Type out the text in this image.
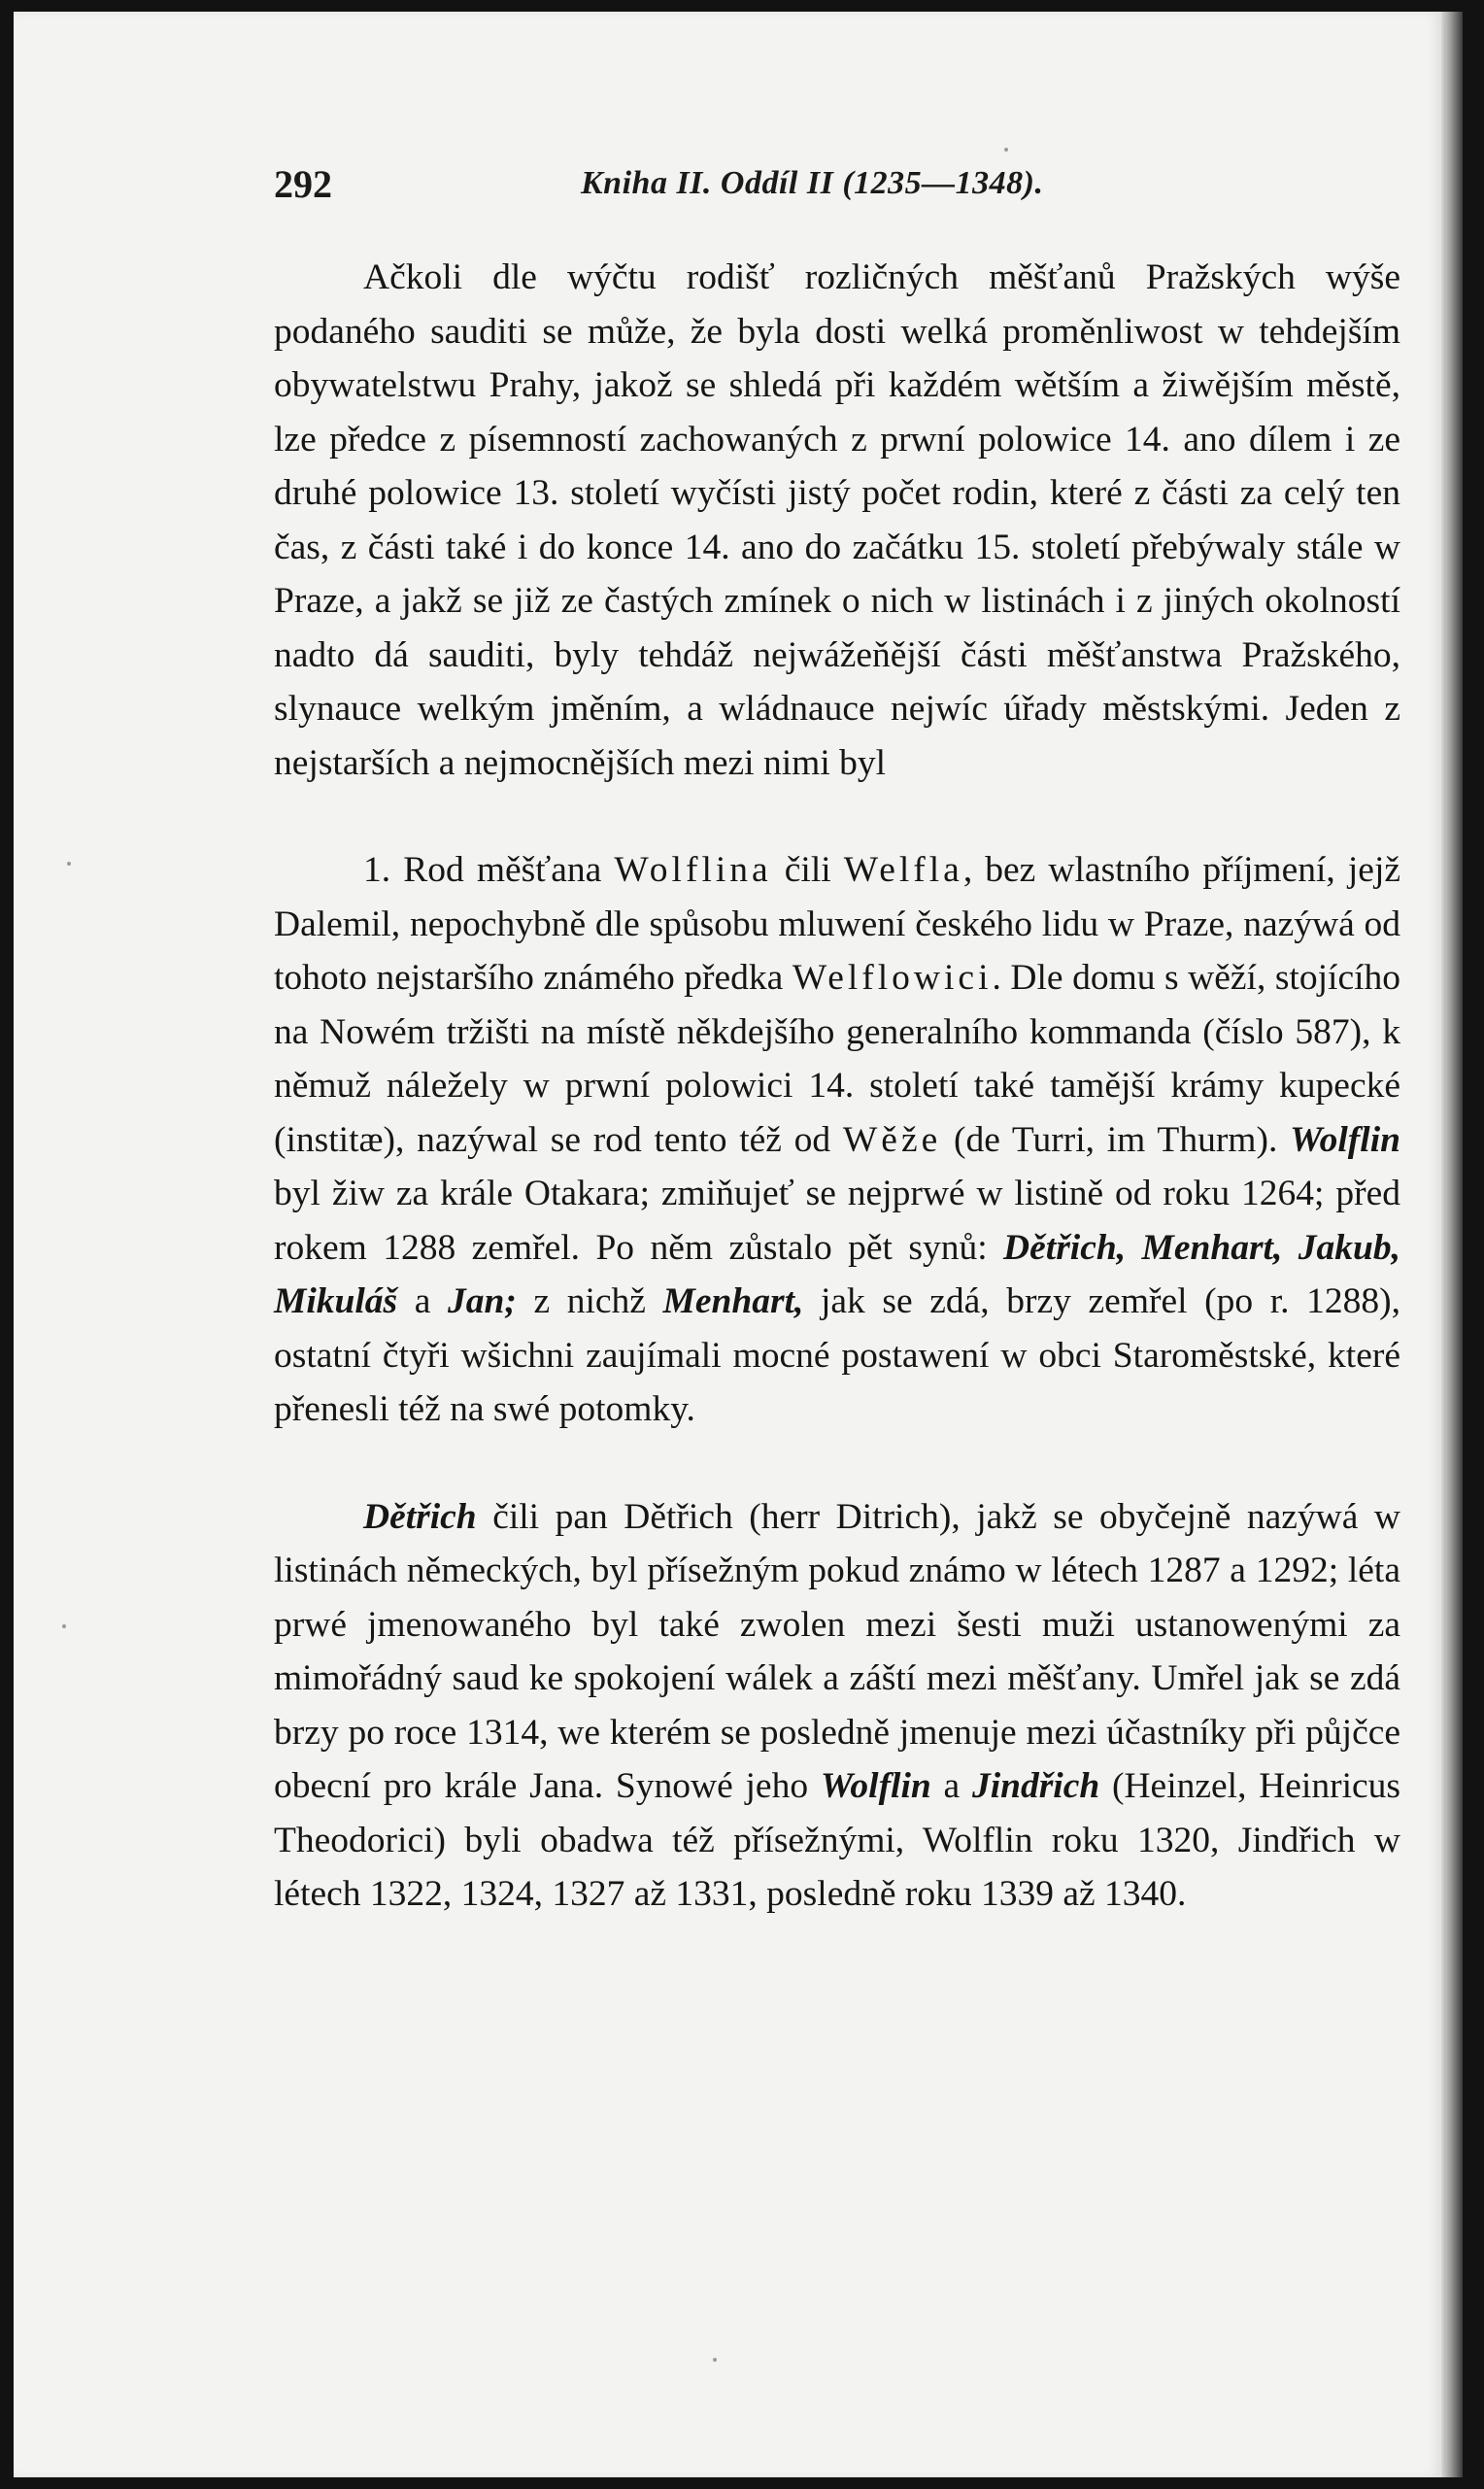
292	Kniha II. Oddíl II (1235—1348).

Ačkoli dle wýčtu rodišť rozličných měšťanů Pražských wýše podaného sauditi se může, že byla dosti welká proměnliwost w tehdejším obywatelstwu Prahy, jakož se shledá při každém wětším a žiwějším městě, lze předce z písemností zachowaných z prwní polowice 14. ano dílem i ze druhé polowice 13. století wyčísti jistý počet rodin, které z části za celý ten čas, z části také i do konce 14. ano do začátku 15. století přebýwaly stále w Praze, a jakž se již ze častých zmínek o nich w listinách i z jiných okolností nadto dá sauditi, byly tehdáž nejwážeňější části měšťanstwa Pražského, slynauce welkým jměním, a wládnauce nejwíc úřady městskými. Jeden z nejstarších a nejmocnějších mezi nimi byl

1. Rod měšťana Wolflina čili Welfla, bez wlastního příjmení, jejž Dalemil, nepochybně dle spůsobu mluwení českého lidu w Praze, nazýwá od tohoto nejstaršího známého předka Welflowici. Dle domu s wěží, stojícího na Nowém tržišti na místě někdejšího generalního kommanda (číslo 587), k němuž náležely w prwní polowici 14. století také tamější krámy kupecké (institæ), nazýwal se rod tento též od Wěže (de Turri, im Thurm). Wolflin byl žiw za krále Otakara; zmiňujeť se nejprwé w listině od roku 1264; před rokem 1288 zemřel. Po něm zůstalo pět synů: Dětřich, Menhart, Jakub, Mikuláš a Jan; z nichž Menhart, jak se zdá, brzy zemřel (po r. 1288), ostatní čtyři wšichni zaujímali mocné postawení w obci Staroměstské, které přenesli též na swé potomky.

Dětřich čili pan Dětřich (herr Ditrich), jakž se obyčejně nazýwá w listinách německých, byl přísežným pokud známo w létech 1287 a 1292; léta prwé jmenowaného byl také zwolen mezi šesti muži ustanowenými za mimořádný saud ke spokojení wálek a záští mezi měšťany. Umřel jak se zdá brzy po roce 1314, we kterém se posledně jmenuje mezi účastníky při půjčce obecní pro krále Jana. Synowé jeho Wolflin a Jindřich (Heinzel, Heinricus Theodorici) byli obadwa též přísežnými, Wolflin roku 1320, Jindřich w létech 1322, 1324, 1327 až 1331, posledně roku 1339 až 1340.
